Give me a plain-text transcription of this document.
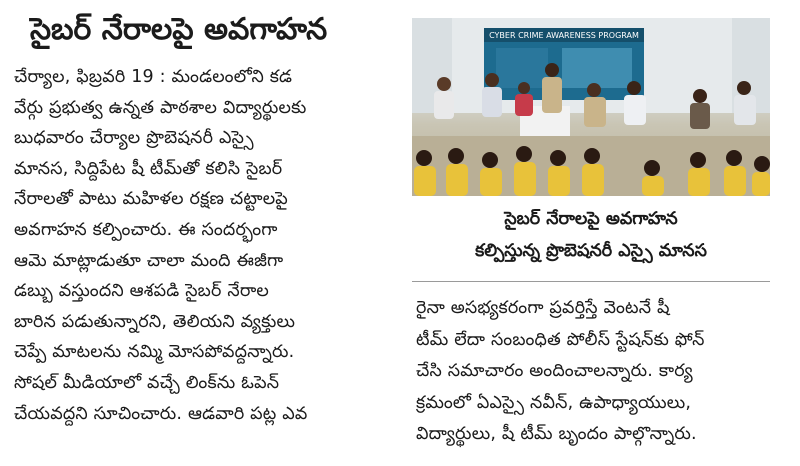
సైబర్ నేరాలపై అవగాహన
చేర్యాల, ఫిబ్రవరి 19 : మండలంలోని కడ
వేర్గు ప్రభుత్వ ఉన్నత పాఠశాల విద్యార్థులకు
బుధవారం చేర్యాల ప్రొబెషనరీ ఎస్సై
మానస, సిద్దిపేట షీ టీమ్‌తో కలిసి సైబర్
నేరాలతో పాటు మహిళల రక్షణ చట్టాలపై
అవగాహన కల్పించారు. ఈ సందర్భంగా
ఆమె మాట్లాడుతూ చాలా మంది ఈజీగా
డబ్బు వస్తుందని ఆశపడి సైబర్ నేరాల
బారిన పడుతున్నారని, తెలియని వ్యక్తులు
చెప్పే మాటలను నమ్మి మోసపోవద్దన్నారు.
సోషల్ మీడియాలో వచ్చే లింక్‌ను ఓపెన్
చేయవద్దని సూచించారు. ఆడవారి పట్ల ఎవ
CYBER CRIME AWARENESS PROGRAM
సైబర్ నేరాలపై అవగాహన
కల్పిస్తున్న ప్రొబెషనరీ ఎస్సై మానస
రైనా అసభ్యకరంగా ప్రవర్తిస్తే వెంటనే షీ
టీమ్ లేదా సంబంధిత పోలీస్ స్టేషన్‌కు ఫోన్
చేసి సమాచారం అందించాలన్నారు. కార్య
క్రమంలో ఏఎస్సై నవీన్, ఉపాధ్యాయులు,
విద్యార్థులు, షీ టీమ్ బృందం పాల్గొన్నారు.
